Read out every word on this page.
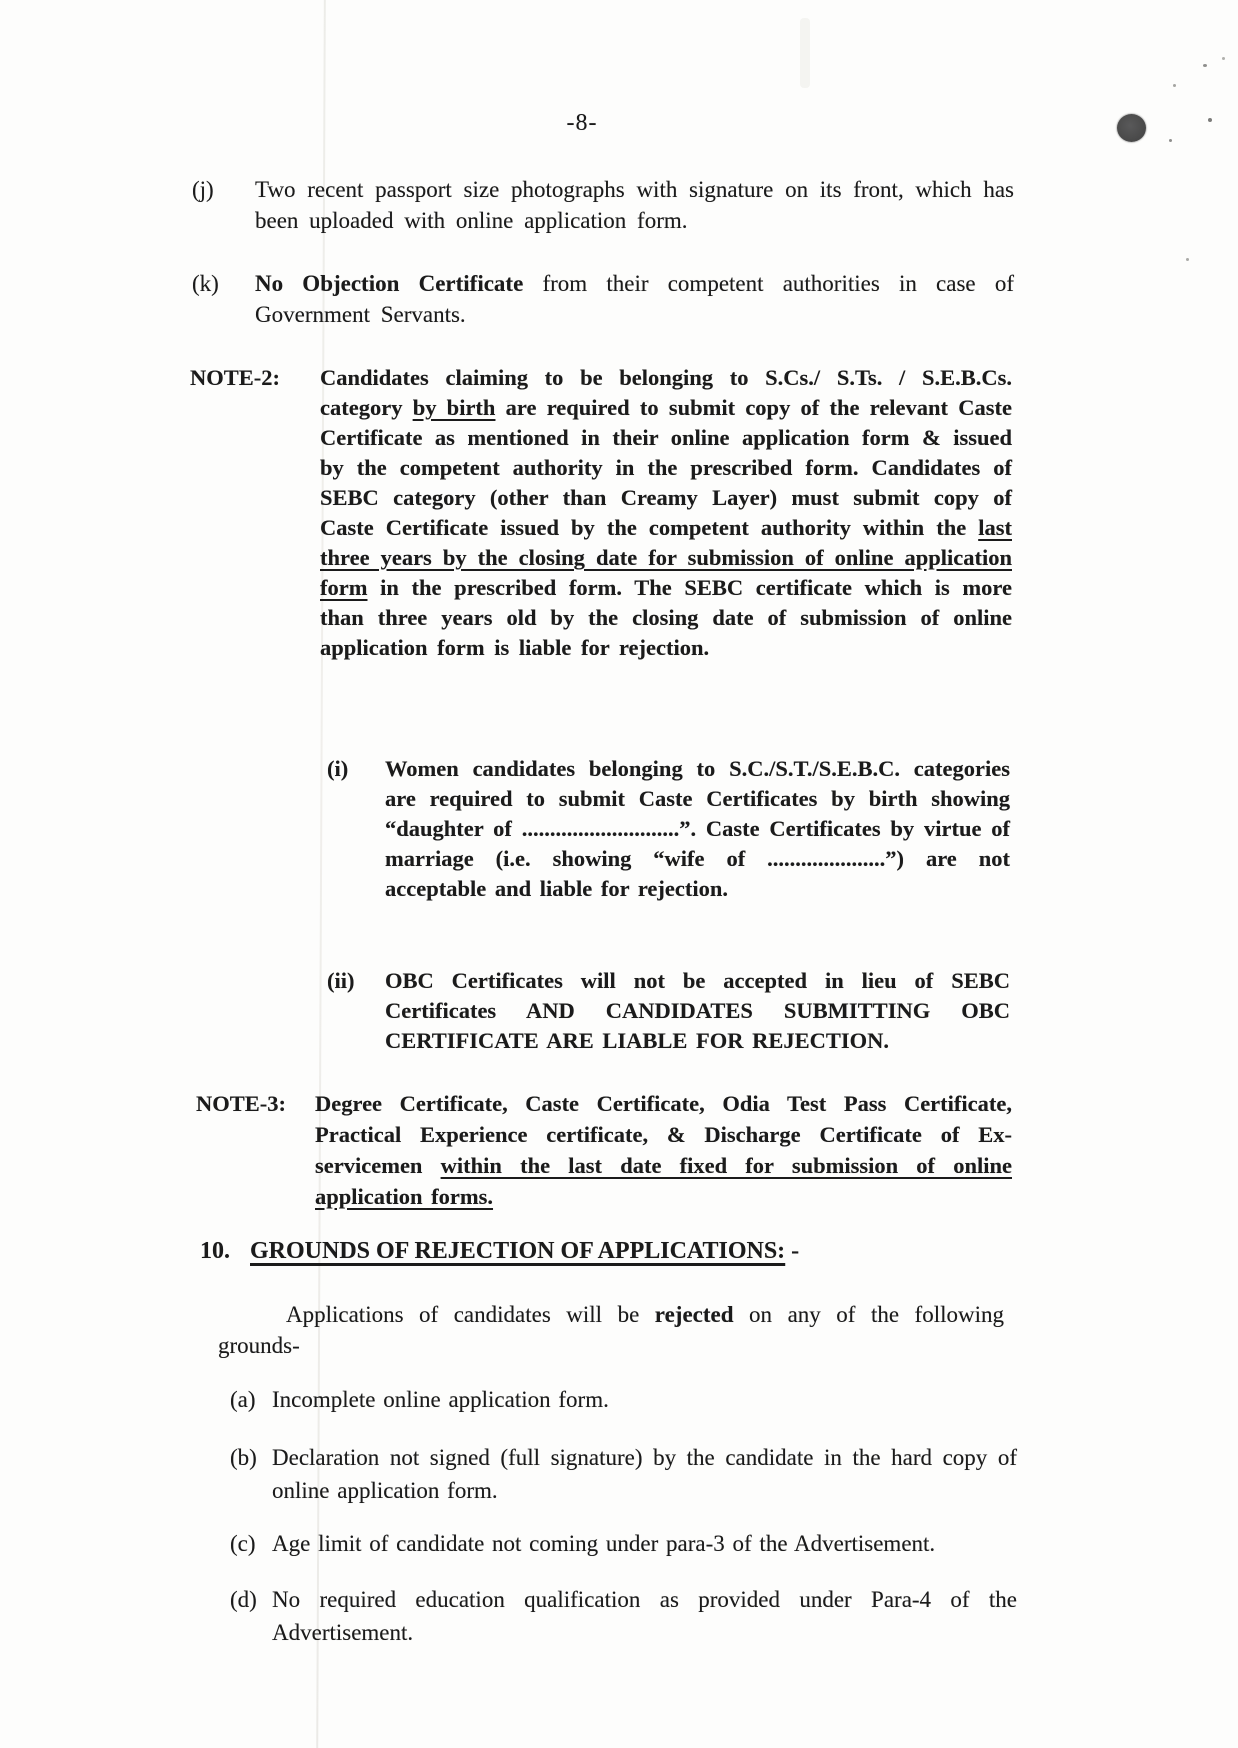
-8-
(j)	Two recent passport size photographs with signature on its front, which has been uploaded with online application form.

(k)	No Objection Certificate from their competent authorities in case of Government Servants.

NOTE-2:	Candidates claiming to be belonging to S.Cs./ S.Ts. / S.E.B.Cs. category by birth are required to submit copy of the relevant Caste Certificate as mentioned in their online application form & issued by the competent authority in the prescribed form. Candidates of SEBC category (other than Creamy Layer) must submit copy of Caste Certificate issued by the competent authority within the last three years by the closing date for submission of online application form in the prescribed form. The SEBC certificate which is more than three years old by the closing date of submission of online application form is liable for rejection.

(i)	Women candidates belonging to S.C./S.T./S.E.B.C. categories are required to submit Caste Certificates by birth showing “daughter of ............................”. Caste Certificates by virtue of marriage (i.e. showing “wife of .....................”) are not acceptable and liable for rejection.

(ii)	OBC Certificates will not be accepted in lieu of SEBC Certificates AND CANDIDATES SUBMITTING OBC CERTIFICATE ARE LIABLE FOR REJECTION.

NOTE-3:	Degree Certificate, Caste Certificate, Odia Test Pass Certificate, Practical Experience certificate, & Discharge Certificate of Ex-servicemen within the last date fixed for submission of online application forms.

10. GROUNDS OF REJECTION OF APPLICATIONS: -

Applications of candidates will be rejected on any of the following grounds-

(a) Incomplete online application form.

(b) Declaration not signed (full signature) by the candidate in the hard copy of online application form.

(c) Age limit of candidate not coming under para-3 of the Advertisement.

(d) No required education qualification as provided under Para-4 of the Advertisement.
